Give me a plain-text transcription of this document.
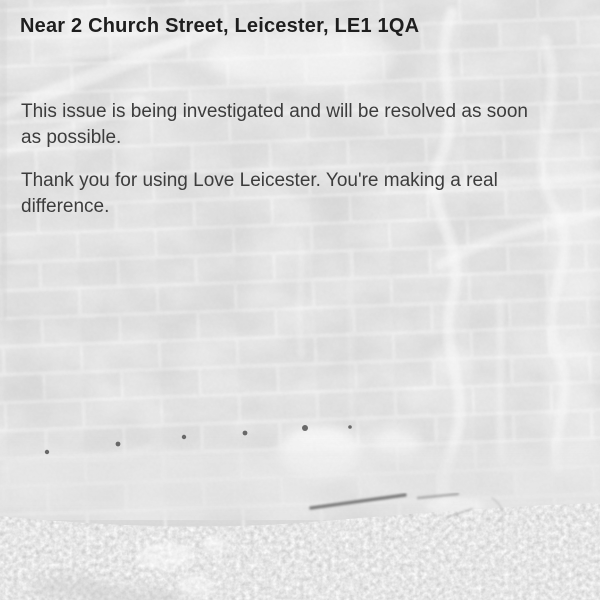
Near 2 Church Street, Leicester, LE1 1QA

This issue is being investigated and will be resolved as soon as possible.

Thank you for using Love Leicester. You're making a real difference.
